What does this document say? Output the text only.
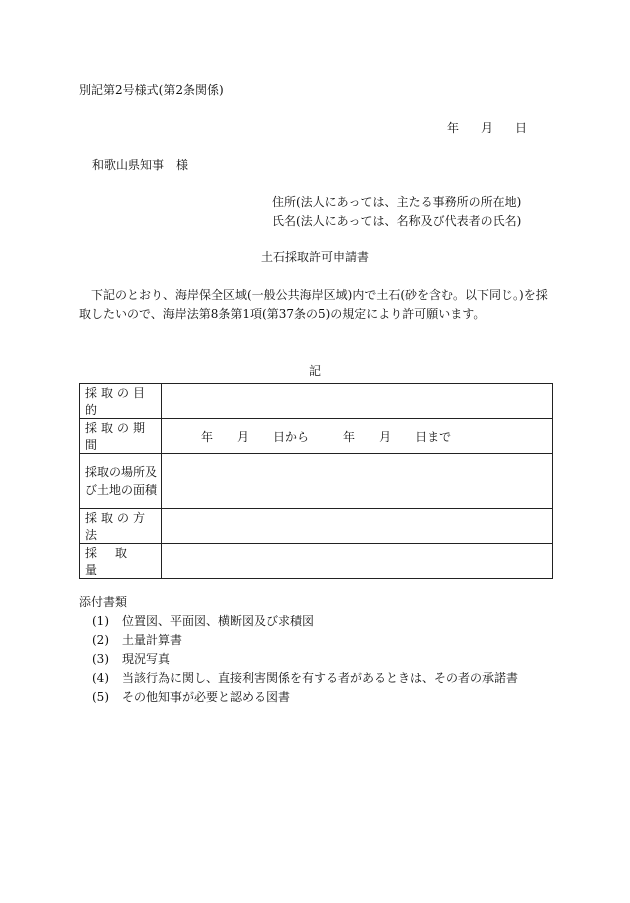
別記第2号様式(第2条関係)
年 月 日
和歌山県知事　様
住所(法人にあっては、主たる事務所の所在地)
氏名(法人にあっては、名称及び代表者の氏名)
土石採取許可申請書
下記のとおり、海岸保全区域(一般公共海岸区域)内で土石(砂を含む。以下同じ。)を採取したいので、海岸法第8条第1項(第37条の5)の規定により許可願います。
記
採取の目的	
採取の期間	年 月 日から 年 月 日まで
採取の場所及び土地の面積	
採取の方法	
採取量	
添付書類
(1)	位置図、平面図、横断図及び求積図
(2)	土量計算書
(3)	現況写真
(4)	当該行為に関し、直接利害関係を有する者があるときは、その者の承諾書
(5)	その他知事が必要と認める図書
